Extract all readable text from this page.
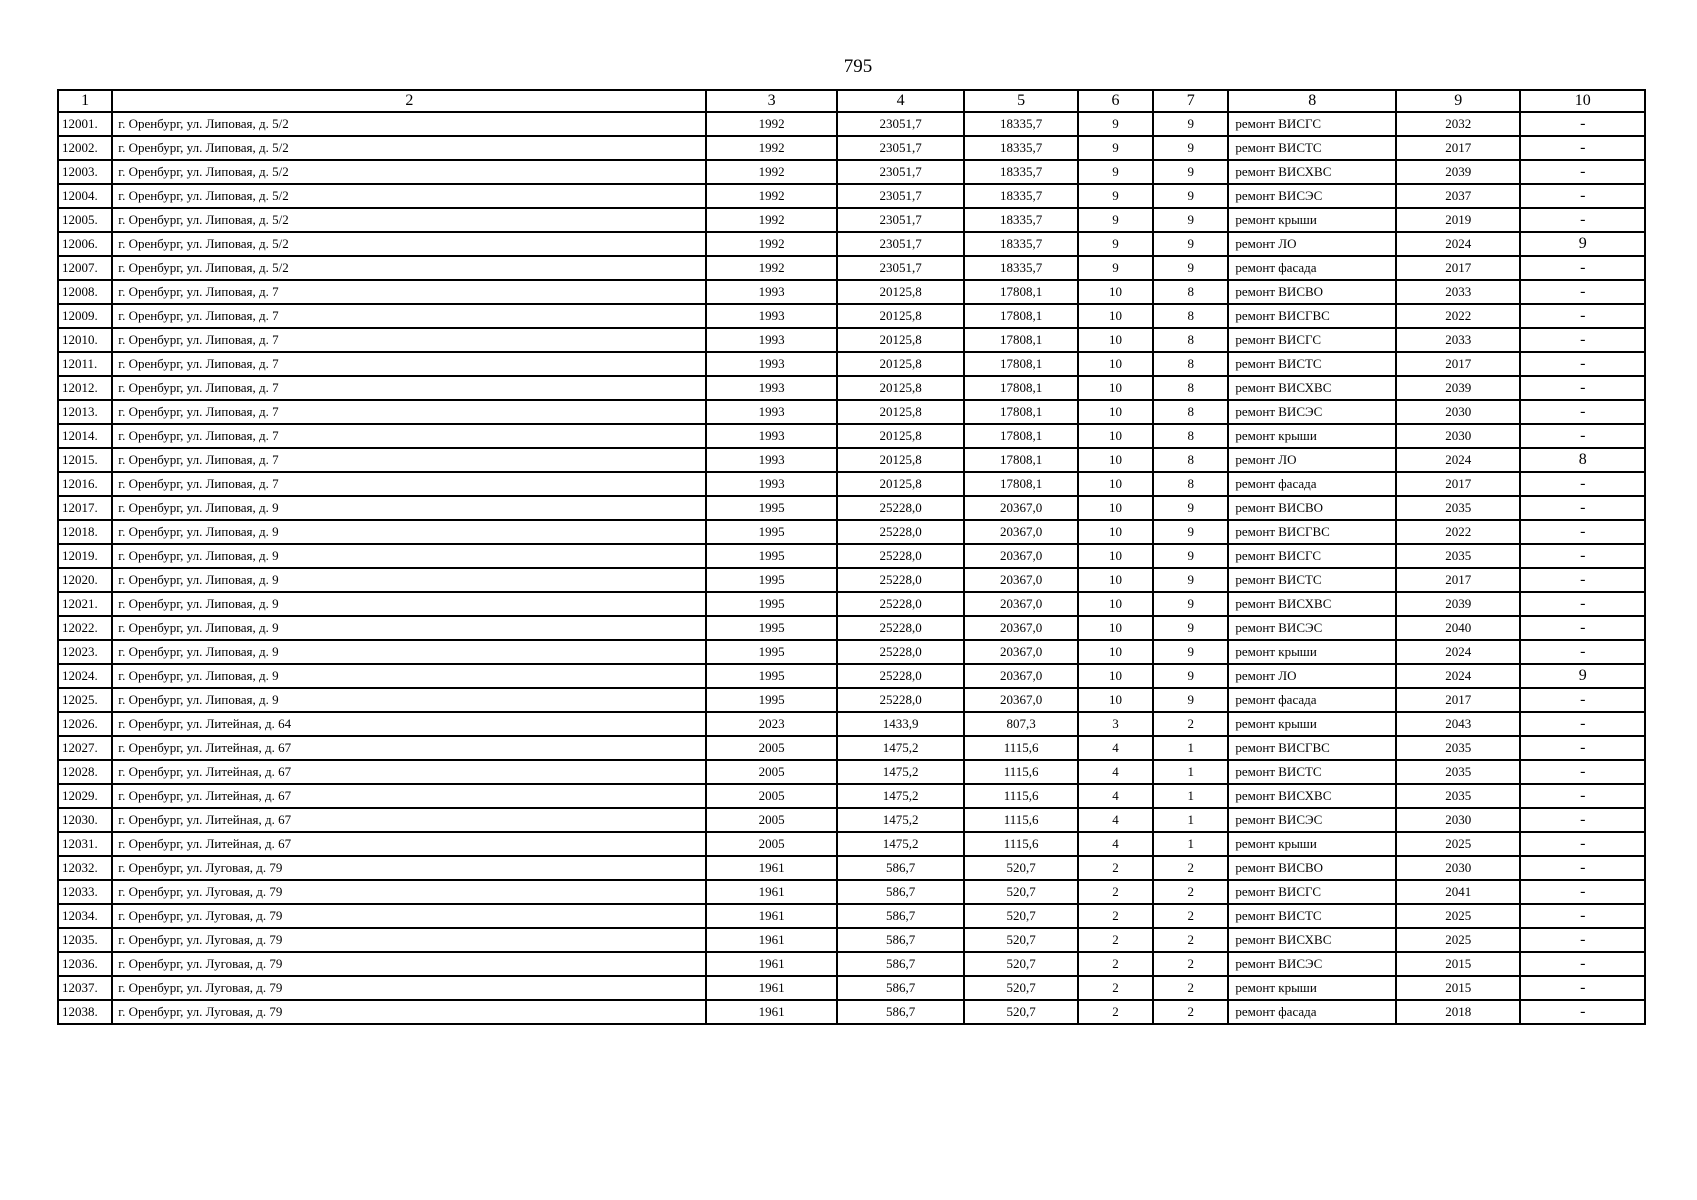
795
1	2	3	4	5	6	7	8	9	10
12001.	г. Оренбург, ул. Липовая, д. 5/2	1992	23051,7	18335,7	9	9	ремонт ВИСГС	2032	-
12002.	г. Оренбург, ул. Липовая, д. 5/2	1992	23051,7	18335,7	9	9	ремонт ВИСТС	2017	-
12003.	г. Оренбург, ул. Липовая, д. 5/2	1992	23051,7	18335,7	9	9	ремонт ВИСХВС	2039	-
12004.	г. Оренбург, ул. Липовая, д. 5/2	1992	23051,7	18335,7	9	9	ремонт ВИСЭС	2037	-
12005.	г. Оренбург, ул. Липовая, д. 5/2	1992	23051,7	18335,7	9	9	ремонт крыши	2019	-
12006.	г. Оренбург, ул. Липовая, д. 5/2	1992	23051,7	18335,7	9	9	ремонт ЛО	2024	9
12007.	г. Оренбург, ул. Липовая, д. 5/2	1992	23051,7	18335,7	9	9	ремонт фасада	2017	-
12008.	г. Оренбург, ул. Липовая, д. 7	1993	20125,8	17808,1	10	8	ремонт ВИСВО	2033	-
12009.	г. Оренбург, ул. Липовая, д. 7	1993	20125,8	17808,1	10	8	ремонт ВИСГВС	2022	-
12010.	г. Оренбург, ул. Липовая, д. 7	1993	20125,8	17808,1	10	8	ремонт ВИСГС	2033	-
12011.	г. Оренбург, ул. Липовая, д. 7	1993	20125,8	17808,1	10	8	ремонт ВИСТС	2017	-
12012.	г. Оренбург, ул. Липовая, д. 7	1993	20125,8	17808,1	10	8	ремонт ВИСХВС	2039	-
12013.	г. Оренбург, ул. Липовая, д. 7	1993	20125,8	17808,1	10	8	ремонт ВИСЭС	2030	-
12014.	г. Оренбург, ул. Липовая, д. 7	1993	20125,8	17808,1	10	8	ремонт крыши	2030	-
12015.	г. Оренбург, ул. Липовая, д. 7	1993	20125,8	17808,1	10	8	ремонт ЛО	2024	8
12016.	г. Оренбург, ул. Липовая, д. 7	1993	20125,8	17808,1	10	8	ремонт фасада	2017	-
12017.	г. Оренбург, ул. Липовая, д. 9	1995	25228,0	20367,0	10	9	ремонт ВИСВО	2035	-
12018.	г. Оренбург, ул. Липовая, д. 9	1995	25228,0	20367,0	10	9	ремонт ВИСГВС	2022	-
12019.	г. Оренбург, ул. Липовая, д. 9	1995	25228,0	20367,0	10	9	ремонт ВИСГС	2035	-
12020.	г. Оренбург, ул. Липовая, д. 9	1995	25228,0	20367,0	10	9	ремонт ВИСТС	2017	-
12021.	г. Оренбург, ул. Липовая, д. 9	1995	25228,0	20367,0	10	9	ремонт ВИСХВС	2039	-
12022.	г. Оренбург, ул. Липовая, д. 9	1995	25228,0	20367,0	10	9	ремонт ВИСЭС	2040	-
12023.	г. Оренбург, ул. Липовая, д. 9	1995	25228,0	20367,0	10	9	ремонт крыши	2024	-
12024.	г. Оренбург, ул. Липовая, д. 9	1995	25228,0	20367,0	10	9	ремонт ЛО	2024	9
12025.	г. Оренбург, ул. Липовая, д. 9	1995	25228,0	20367,0	10	9	ремонт фасада	2017	-
12026.	г. Оренбург, ул. Литейная, д. 64	2023	1433,9	807,3	3	2	ремонт крыши	2043	-
12027.	г. Оренбург, ул. Литейная, д. 67	2005	1475,2	1115,6	4	1	ремонт ВИСГВС	2035	-
12028.	г. Оренбург, ул. Литейная, д. 67	2005	1475,2	1115,6	4	1	ремонт ВИСТС	2035	-
12029.	г. Оренбург, ул. Литейная, д. 67	2005	1475,2	1115,6	4	1	ремонт ВИСХВС	2035	-
12030.	г. Оренбург, ул. Литейная, д. 67	2005	1475,2	1115,6	4	1	ремонт ВИСЭС	2030	-
12031.	г. Оренбург, ул. Литейная, д. 67	2005	1475,2	1115,6	4	1	ремонт крыши	2025	-
12032.	г. Оренбург, ул. Луговая, д. 79	1961	586,7	520,7	2	2	ремонт ВИСВО	2030	-
12033.	г. Оренбург, ул. Луговая, д. 79	1961	586,7	520,7	2	2	ремонт ВИСГС	2041	-
12034.	г. Оренбург, ул. Луговая, д. 79	1961	586,7	520,7	2	2	ремонт ВИСТС	2025	-
12035.	г. Оренбург, ул. Луговая, д. 79	1961	586,7	520,7	2	2	ремонт ВИСХВС	2025	-
12036.	г. Оренбург, ул. Луговая, д. 79	1961	586,7	520,7	2	2	ремонт ВИСЭС	2015	-
12037.	г. Оренбург, ул. Луговая, д. 79	1961	586,7	520,7	2	2	ремонт крыши	2015	-
12038.	г. Оренбург, ул. Луговая, д. 79	1961	586,7	520,7	2	2	ремонт фасада	2018	-
